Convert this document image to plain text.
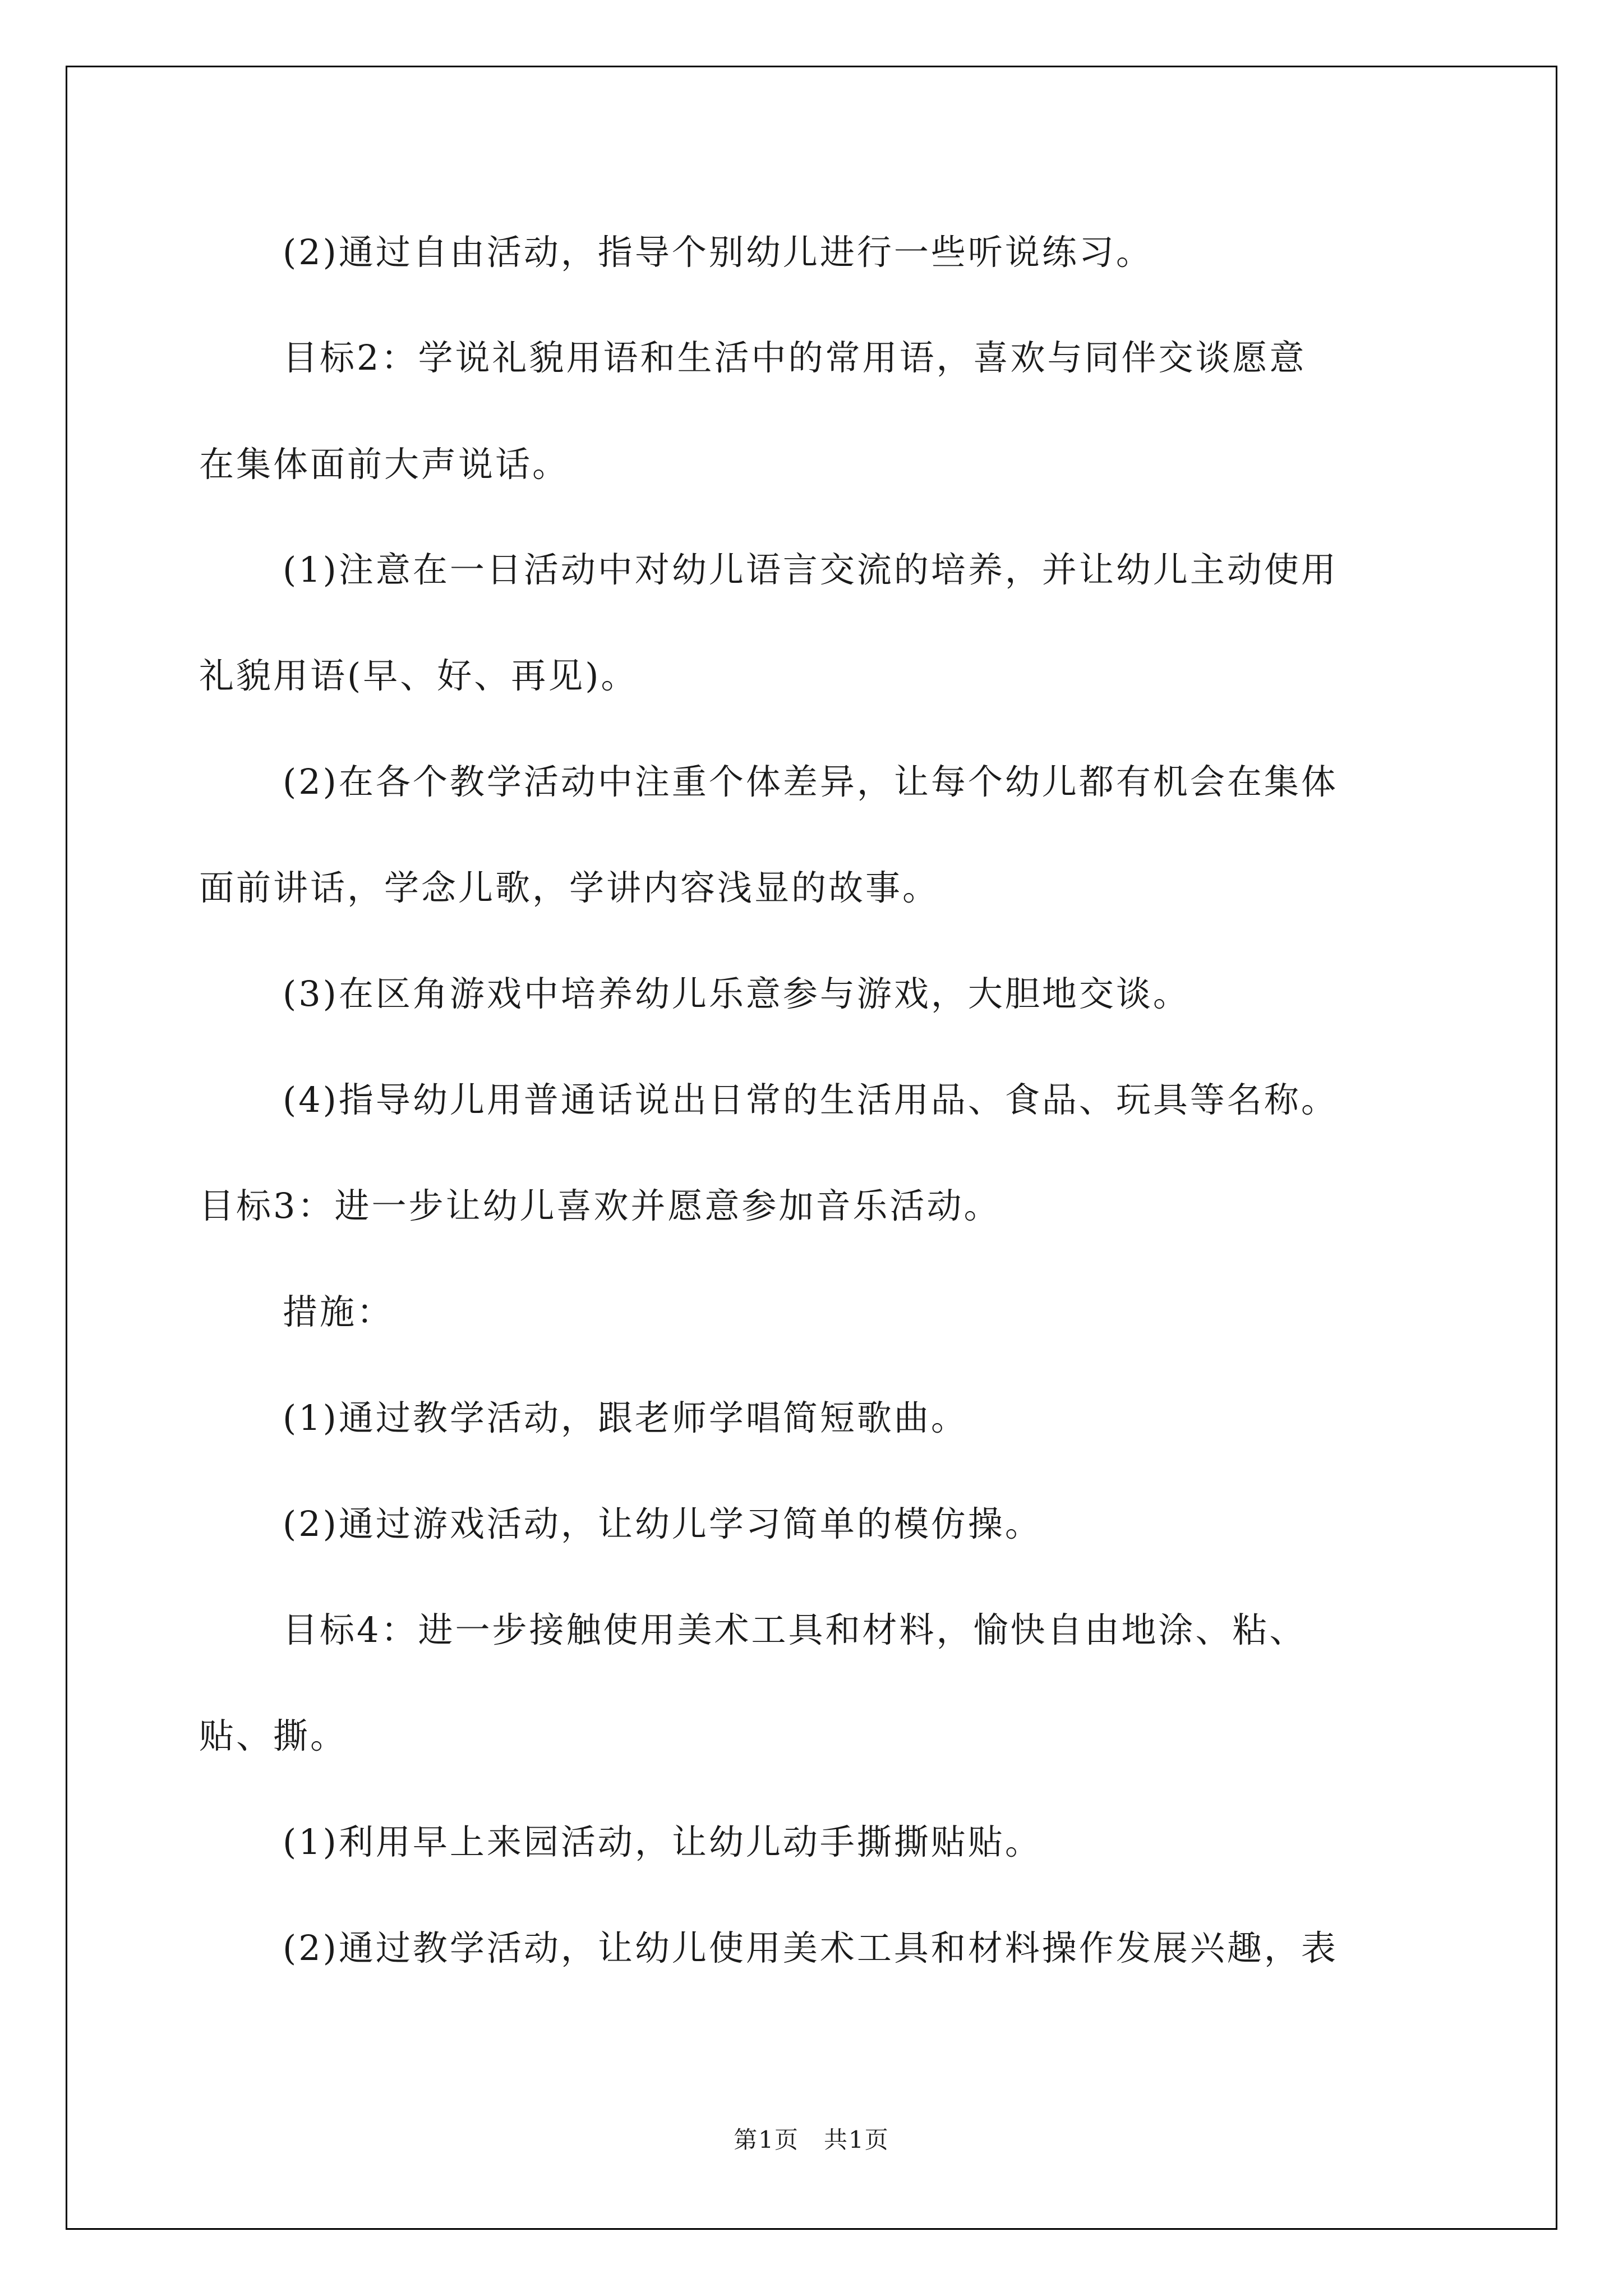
(2)通过自由活动，指导个别幼儿进行一些听说练习。
目标2：学说礼貌用语和生活中的常用语，喜欢与同伴交谈愿意
在集体面前大声说话。
(1)注意在一日活动中对幼儿语言交流的培养，并让幼儿主动使用
礼貌用语(早、好、再见)。
(2)在各个教学活动中注重个体差异，让每个幼儿都有机会在集体
面前讲话，学念儿歌，学讲内容浅显的故事。
(3)在区角游戏中培养幼儿乐意参与游戏，大胆地交谈。
(4)指导幼儿用普通话说出日常的生活用品、食品、玩具等名称。
目标3：进一步让幼儿喜欢并愿意参加音乐活动。
措施：
(1)通过教学活动，跟老师学唱简短歌曲。
(2)通过游戏活动，让幼儿学习简单的模仿操。
目标4：进一步接触使用美术工具和材料，愉快自由地涂、粘、
贴、撕。
(1)利用早上来园活动，让幼儿动手撕撕贴贴。
(2)通过教学活动，让幼儿使用美术工具和材料操作发展兴趣，表
第1页 共1页
